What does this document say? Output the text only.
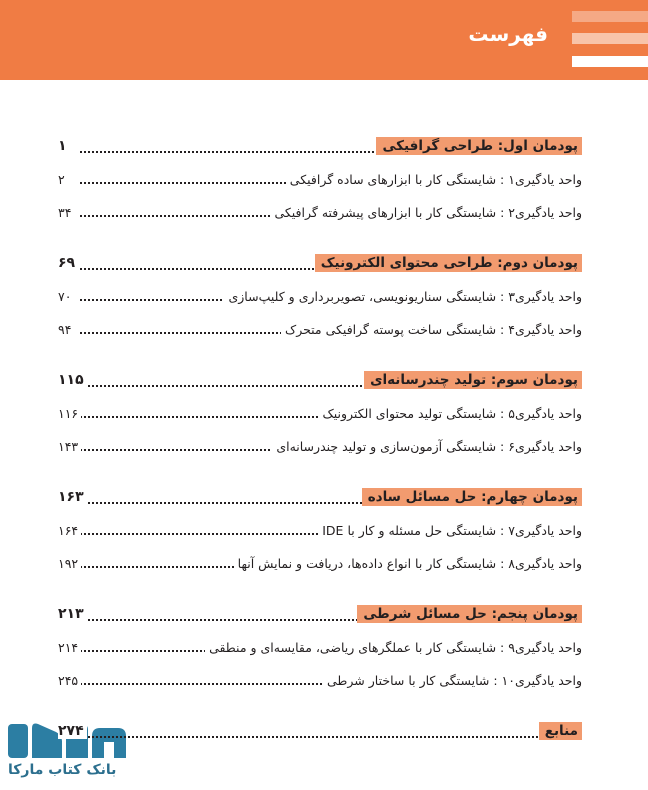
فهرست
پودمان اول: طراحی گرافیکی
۱
واحد یادگیری۱ : شایستگی کار با ابزارهای ساده گرافیکی
۲
واحد یادگیری۲ : شایستگی کار با ابزارهای پیشرفته گرافیکی
۳۴
پودمان دوم: طراحی محتوای الکترونیک
۶۹
واحد یادگیری۳ : شایستگی سناریونویسی، تصویربرداری و کلیپ‌سازی
۷۰
واحد یادگیری۴ : شایستگی ساخت پوسته گرافیکی متحرک
۹۴
پودمان سوم: تولید چندرسانه‌ای
۱۱۵
واحد یادگیری۵ : شایستگی تولید محتوای الکترونیک
۱۱۶
واحد یادگیری۶ : شایستگی آزمون‌سازی و تولید چندرسانه‌ای
۱۴۳
پودمان چهارم: حل مسائل ساده
۱۶۳
واحد یادگیری۷ : شایستگی حل مسئله و کار با IDE
۱۶۴
واحد یادگیری۸ : شایستگی کار با انواع داده‌ها، دریافت و نمایش آنها
۱۹۲
پودمان پنجم: حل مسائل شرطی
۲۱۳
واحد یادگیری۹ : شایستگی کار با عملگرهای ریاضی، مقایسه‌ای و منطقی
۲۱۴
واحد یادگیری۱۰ : شایستگی کار با ساختار شرطی
۲۴۵
منابع
۲۷۴
بانک کتاب مارکا
